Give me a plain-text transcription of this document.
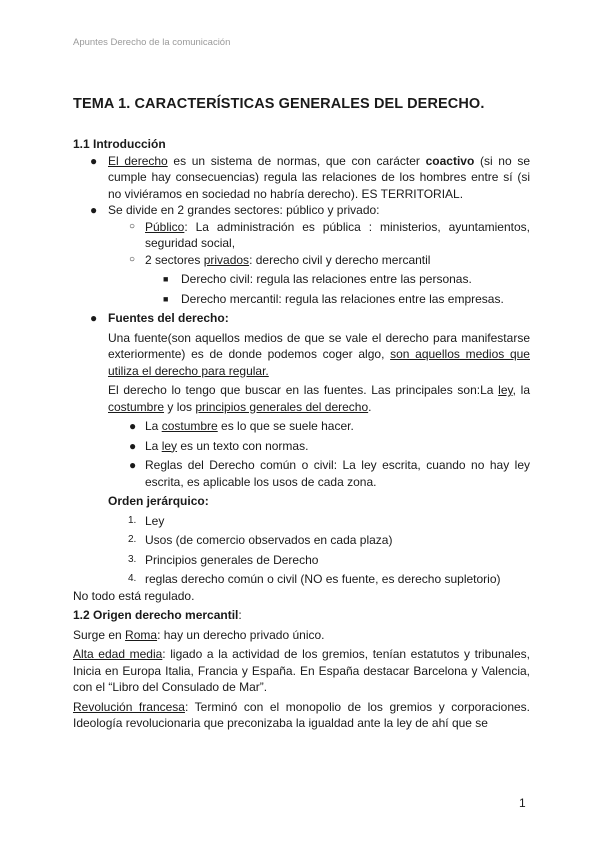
Apuntes Derecho de la comunicación
TEMA 1. CARACTERÍSTICAS GENERALES DEL DERECHO.
1.1 Introducción
● El derecho es un sistema de normas, que con carácter coactivo (si no se cumple hay consecuencias) regula las relaciones de los hombres entre sí (si no viviéramos en sociedad no habría derecho). ES TERRITORIAL.
● Se divide en 2 grandes sectores: público y privado:
○ Público: La administración es pública : ministerios, ayuntamientos, seguridad social,
○ 2 sectores privados: derecho civil y derecho mercantil
■ Derecho civil: regula las relaciones entre las personas.
■ Derecho mercantil: regula las relaciones entre las empresas.
● Fuentes del derecho:
Una fuente(son aquellos medios de que se vale el derecho para manifestarse exteriormente) es de donde podemos coger algo, son aquellos medios que utiliza el derecho para regular.
El derecho lo tengo que buscar en las fuentes. Las principales son:La ley, la costumbre y los principios generales del derecho.
● La costumbre es lo que se suele hacer.
● La ley es un texto con normas.
● Reglas del Derecho común o civil: La ley escrita, cuando no hay ley escrita, es aplicable los usos de cada zona.
Orden jerárquico:
1. Ley
2. Usos (de comercio observados en cada plaza)
3. Principios generales de Derecho
4. reglas derecho común o civil (NO es fuente, es derecho supletorio)
No todo está regulado.
1.2 Origen derecho mercantil:
Surge en Roma: hay un derecho privado único.
Alta edad media: ligado a la actividad de los gremios, tenían estatutos y tribunales, Inicia en Europa Italia, Francia y España. En España destacar Barcelona y Valencia, con el “Libro del Consulado de Mar”.
Revolución francesa: Terminó con el monopolio de los gremios y corporaciones. Ideología revolucionaria que preconizaba la igualdad ante la ley de ahí que se
1
